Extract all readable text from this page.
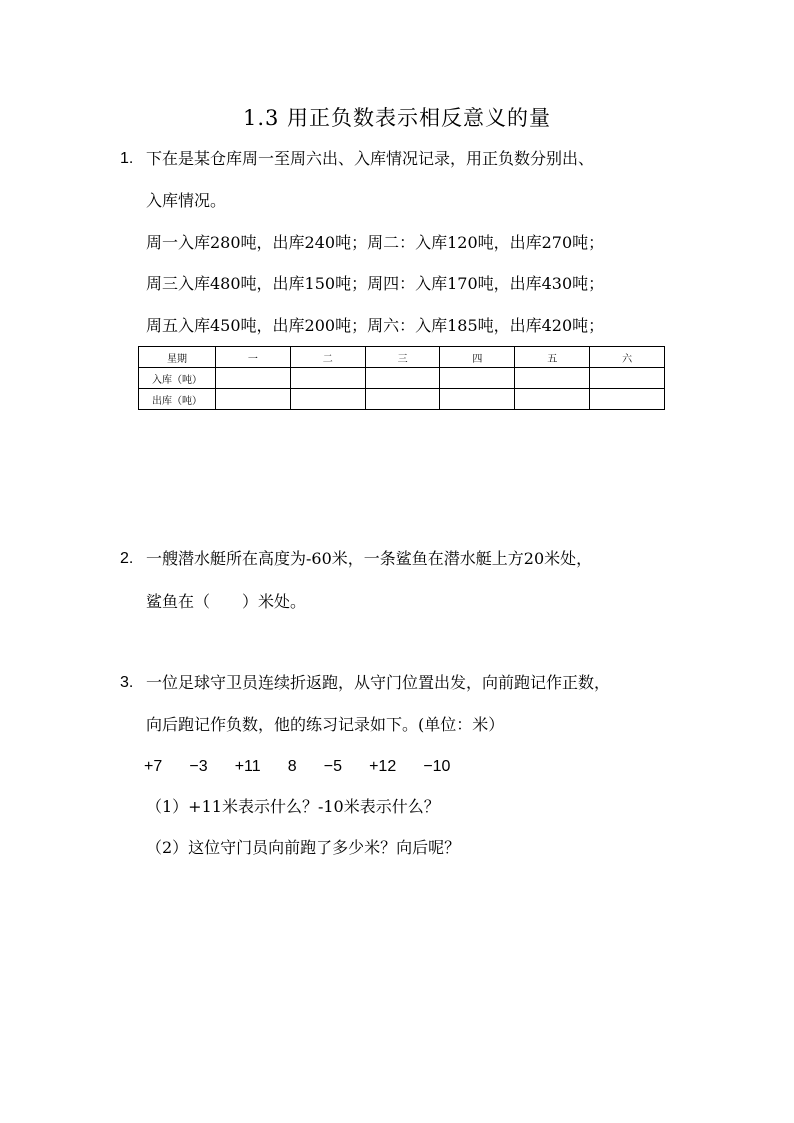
1.3 用正负数表示相反意义的量
1. 下在是某仓库周一至周六出、入库情况记录，用正负数分别出、
入库情况。
周一入库280吨，出库240吨；周二：入库120吨，出库270吨；
周三入库480吨，出库150吨；周四：入库170吨，出库430吨；
周五入库450吨，出库200吨；周六：入库185吨，出库420吨；
星期	一	二	三	四	五	六
入库（吨）						
出库（吨）						
2. 一艘潜水艇所在高度为-60米，一条鲨鱼在潜水艇上方20米处，
鲨鱼在（　　）米处。
3. 一位足球守卫员连续折返跑，从守门位置出发，向前跑记作正数，
向后跑记作负数，他的练习记录如下。(单位：米）
+7 −3 +11 8 −5 +12 −10
（1）+11米表示什么？-10米表示什么？
（2）这位守门员向前跑了多少米？向后呢？
